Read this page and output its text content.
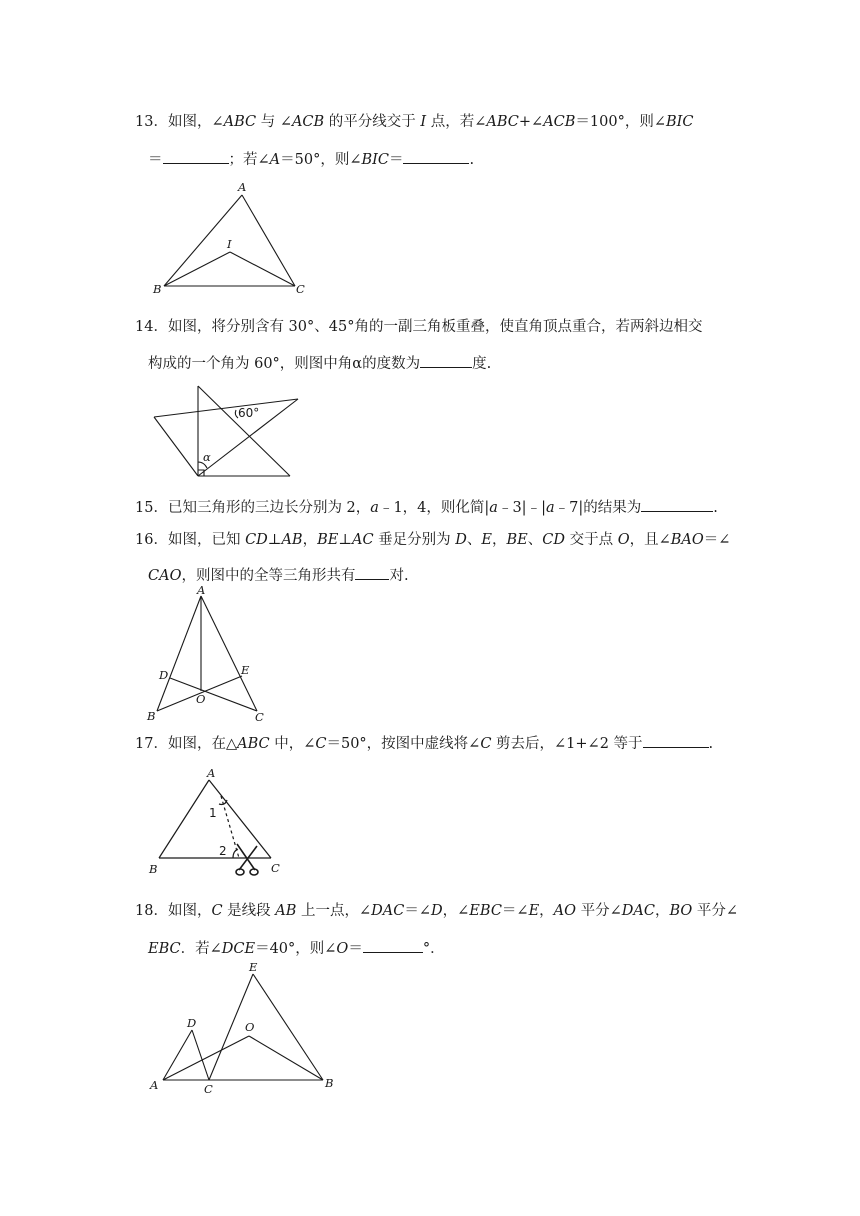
13．如图，∠ABC 与 ∠ACB 的平分线交于 I 点，若∠ABC+∠ACB＝100°，则∠BIC
＝	；若∠A＝50°，则∠BIC＝	.
A
B	C
I
14．如图，将分别含有 30°、45°角的一副三角板重叠，使直角顶点重合，若两斜边相交
构成的一个角为 60°，则图中角α的度数为	度.
60°
α
15．已知三角形的三边长分别为 2，a﹣1，4，则化简|a﹣3|﹣|a﹣7|的结果为	.
16．如图，已知 CD⊥AB，BE⊥AC 垂足分别为 D、E，BE、CD 交于点 O，且∠BAO＝∠
CAO，则图中的全等三角形共有 对.
A
B	C
D	E
O
17．如图，在△ABC 中，∠C＝50°，按图中虚线将∠C 剪去后，∠1+∠2 等于	.
A
B	C
1
2
18．如图，C 是线段 AB 上一点，∠DAC＝∠D，∠EBC＝∠E，AO 平分∠DAC，BO 平分∠
EBC．若∠DCE＝40°，则∠O＝	°．
A	B
C
D
E
O
